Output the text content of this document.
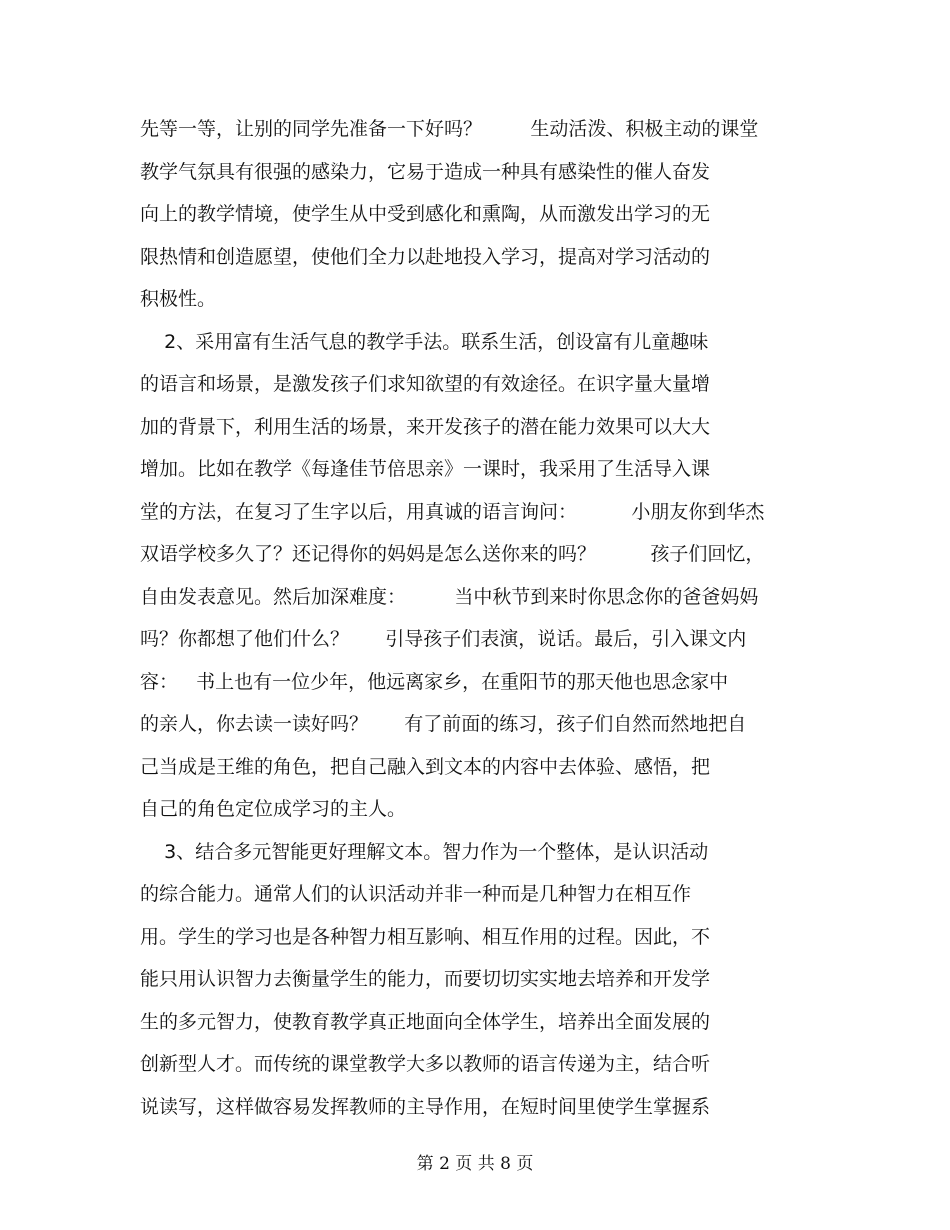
先等一等，让别的同学先准备一下好吗？        生动活泼、积极主动的课堂
教学气氛具有很强的感染力，它易于造成一种具有感染性的催人奋发
向上的教学情境，使学生从中受到感化和熏陶，从而激发出学习的无
限热情和创造愿望，使他们全力以赴地投入学习，提高对学习活动的
积极性。
2、采用富有生活气息的教学手法。联系生活，创设富有儿童趣味
的语言和场景，是激发孩子们求知欲望的有效途径。在识字量大量增
加的背景下，利用生活的场景，来开发孩子的潜在能力效果可以大大
增加。比如在教学《每逢佳节倍思亲》一课时，我采用了生活导入课
堂的方法，在复习了生字以后，用真诚的语言询问：         小朋友你到华杰
双语学校多久了？还记得你的妈妈是怎么送你来的吗？         孩子们回忆，
自由发表意见。然后加深难度：        当中秋节到来时你思念你的爸爸妈妈
吗？你都想了他们什么？      引导孩子们表演，说话。最后，引入课文内
容：   书上也有一位少年，他远离家乡，在重阳节的那天他也思念家中
的亲人，你去读一读好吗？      有了前面的练习，孩子们自然而然地把自
己当成是王维的角色，把自己融入到文本的内容中去体验、感悟，把
自己的角色定位成学习的主人。
3、结合多元智能更好理解文本。智力作为一个整体，是认识活动
的综合能力。通常人们的认识活动并非一种而是几种智力在相互作
用。学生的学习也是各种智力相互影响、相互作用的过程。因此，不
能只用认识智力去衡量学生的能力，而要切切实实地去培养和开发学
生的多元智力，使教育教学真正地面向全体学生，培养出全面发展的
创新型人才。而传统的课堂教学大多以教师的语言传递为主，结合听
说读写，这样做容易发挥教师的主导作用，在短时间里使学生掌握系
第 2 页 共 8 页
